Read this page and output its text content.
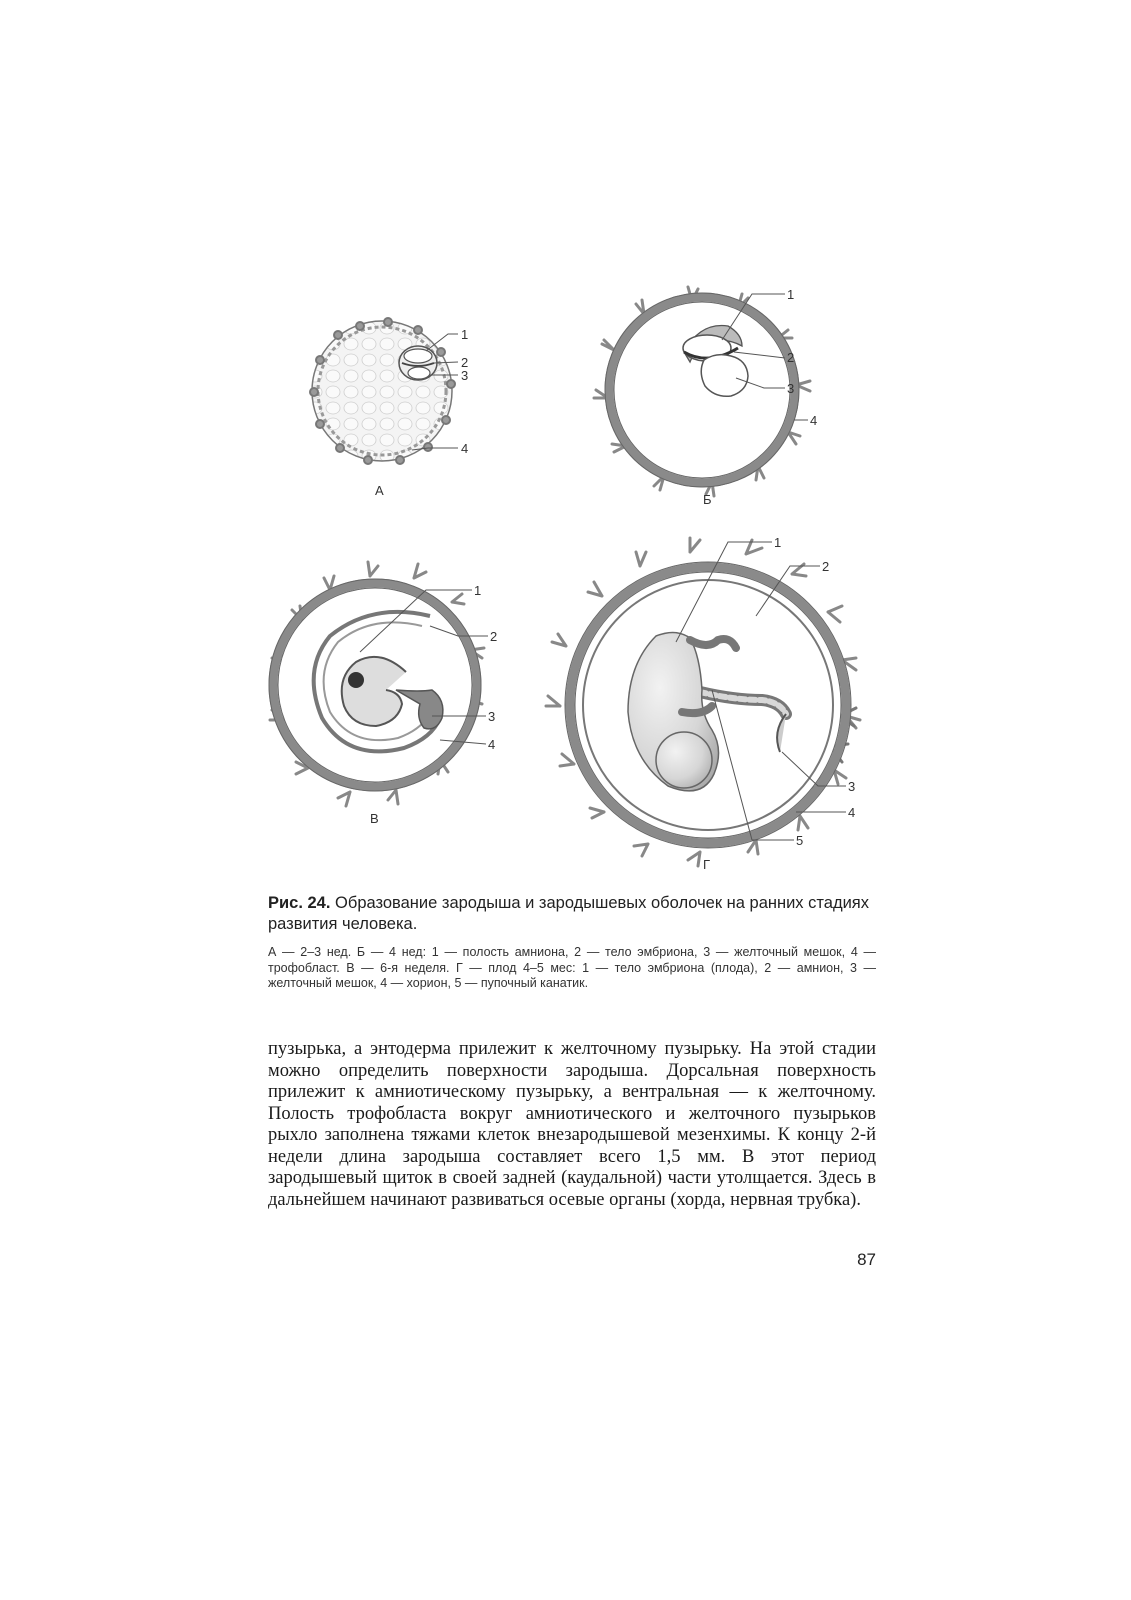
1
2
3
4
А
1
2
3
4
Б
1
2
3
4
В
1
2
3
4
5
Г

Рис. 24. Образование зародыша и зародышевых оболочек на ранних стадиях развития человека.

А — 2–3 нед. Б — 4 нед: 1 — полость амниона, 2 — тело эмбриона, 3 — желточный мешок, 4 — трофобласт. В — 6-я неделя. Г — плод 4–5 мес: 1 — тело эмбриона (плода), 2 — амнион, 3 — желточный мешок, 4 — хорион, 5 — пупочный канатик.

пузырька, а энтодерма прилежит к желточному пузырьку. На этой стадии можно определить поверхности зародыша. Дорсальная поверхность прилежит к амниотическому пузырьку, а вентральная — к желточному. Полость трофобласта вокруг амниотического и желточного пузырьков рыхло заполнена тяжами клеток внезародышевой мезенхимы. К концу 2-й недели длина зародыша составляет всего 1,5 мм. В этот период зародышевый щиток в своей задней (каудальной) части утолщается. Здесь в дальнейшем начинают развиваться осевые органы (хорда, нервная трубка).

87
